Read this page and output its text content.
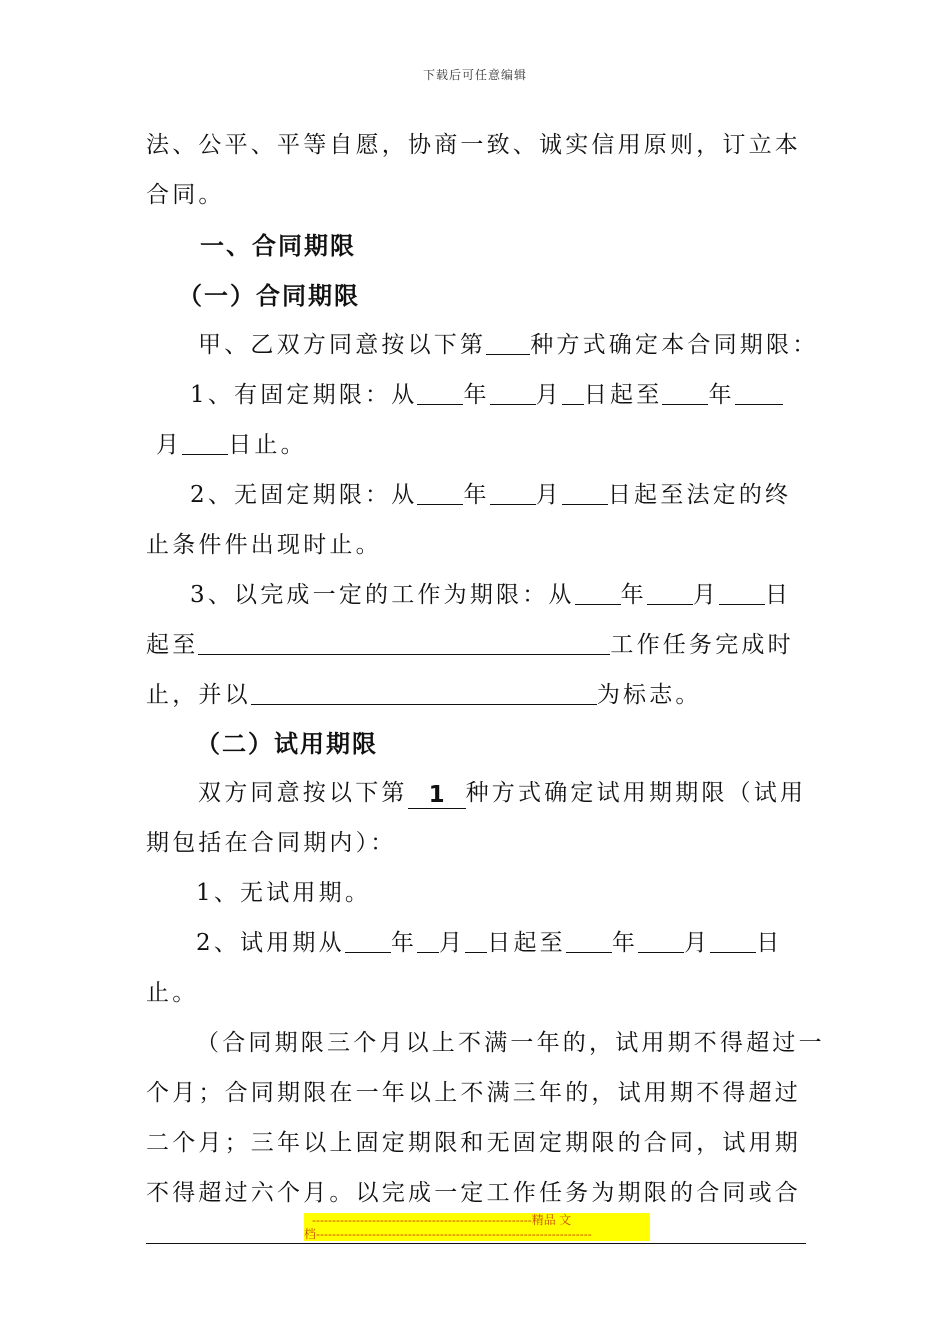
下载后可任意编辑
法、公平、平等自愿，协商一致、诚实信用原则，订立本
合同。
一、合同期限
（一）合同期限
甲、乙双方同意按以下第 种方式确定本合同期限：
1、有固定期限：从 年 月 日起至 年
月 日止。
2、无固定期限：从 年 月 日起至法定的终
止条件件出现时止。
3、以完成一定的工作为期限：从 年 月 日
起至	工作任务完成时
止，并以	为标志。
（二）试用期限
双方同意按以下第 1 种方式确定试用期期限（试用
期包括在合同期内）：
1、无试用期。
2、试用期从 年 月 日起至 年 月 日
止。
（合同期限三个月以上不满一年的，试用期不得超过一
个月；合同期限在一年以上不满三年的，试用期不得超过
二个月；三年以上固定期限和无固定期限的合同，试用期
不得超过六个月。以完成一定工作任务为期限的合同或合
-------------------------------------------------------精品 文
档---------------------------------------------------------------------
